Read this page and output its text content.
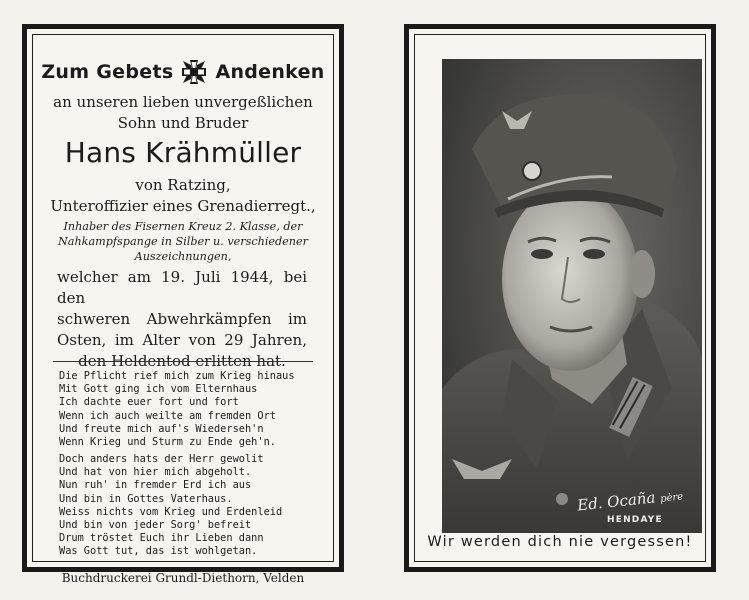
Zum Gebets Andenken
an unseren lieben unvergeßlichen
Sohn und Bruder
Hans Krähmüller
von Ratzing,
Unteroffizier eines Grenadierregt.,
Inhaber des Fisernen Kreuz 2. Klasse, der
Nahkampfspange in Silber u. verschiedener
Auszeichnungen,
welcher am 19. Juli 1944, bei den
schweren Abwehrkämpfen im
Osten, im Alter von 29 Jahren,
den Heldentod erlitten hat.
Die Pflicht rief mich zum Krieg hinaus
Mit Gott ging ich vom Elternhaus
Ich dachte euer fort und fort
Wenn ich auch weilte am fremden Ort
Und freute mich auf's Wiederseh'n
Wenn Krieg und Sturm zu Ende geh'n.
Doch anders hats der Herr gewolit
Und hat von hier mich abgeholt.
Nun ruh' in fremder Erd ich aus
Und bin in Gottes Vaterhaus.
Weiss nichts vom Krieg und Erdenleid
Und bin von jeder Sorg' befreit
Drum tröstet Euch ihr Lieben dann
Was Gott tut, das ist wohlgetan.
Buchdruckerei Grundl-Diethorn, Velden
Ed. Ocaña père
HENDAYE
Wir werden dich nie vergessen!
